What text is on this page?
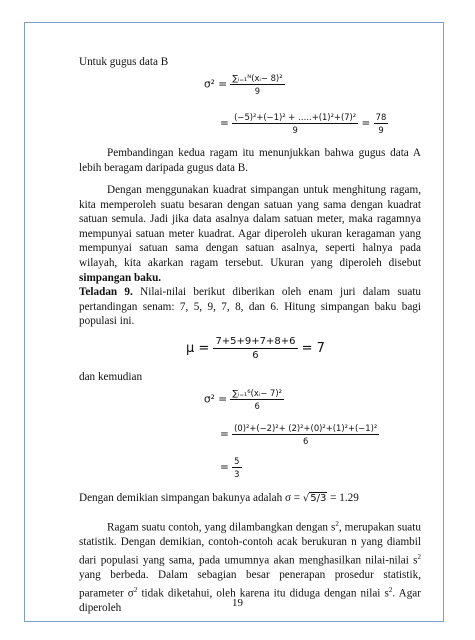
Untuk gugus data B
$\sigma^2 = \frac{\text{∑ᵢ₌₁ᴺ(xᵢ− 8)²}}{9}$
= $\frac{\text{(−5)²+(−1)² + …..+(1)²+(7)²}}{9} = \frac{78}{9}$
Pembandingan kedua ragam itu menunjukkan bahwa gugus data A lebih beragam daripada gugus data B.
Dengan menggunakan kuadrat simpangan untuk menghitung ragam, kita memperoleh suatu besaran dengan satuan yang sama dengan kuadrat satuan semula. Jadi jika data asalnya dalam satuan meter, maka ragamnya mempunyai satuan meter kuadrat. Agar diperoleh ukuran keragaman yang mempunyai satuan sama dengan satuan asalnya, seperti halnya pada wilayah, kita akarkan ragam tersebut. Ukuran yang diperoleh disebut simpangan baku.
Teladan 9. Nilai-nilai berikut diberikan oleh enam juri dalam suatu pertandingan senam: 7, 5, 9, 7, 8, dan 6. Hitung simpangan baku bagi populasi ini.
$\mu = \frac{7+5+9+7+8+6}{6} = 7$
dan kemudian
$\sigma^2 = \frac{\text{∑ᵢ₌₁⁶(xᵢ− 7)²}}{6}$
= $\frac{\text{(0)²+(−2)²+ (2)²+(0)²+(1)²+(−1)²}}{6}$
= $\frac{5}{3}$
Dengan demikian simpangan bakunya adalah σ = √5/3 = 1.29
Ragam suatu contoh, yang dilambangkan dengan $s^2$, merupakan suatu statistik. Dengan demikian, contoh-contoh acak berukuran n yang diambil dari populasi yang sama, pada umumnya akan menghasilkan nilai-nilai $s^2$ yang berbeda. Dalam sebagian besar penerapan prosedur statistik, parameter $\sigma^2$ tidak diketahui, oleh karena itu diduga dengan nilai $s^2$. Agar diperoleh	19
